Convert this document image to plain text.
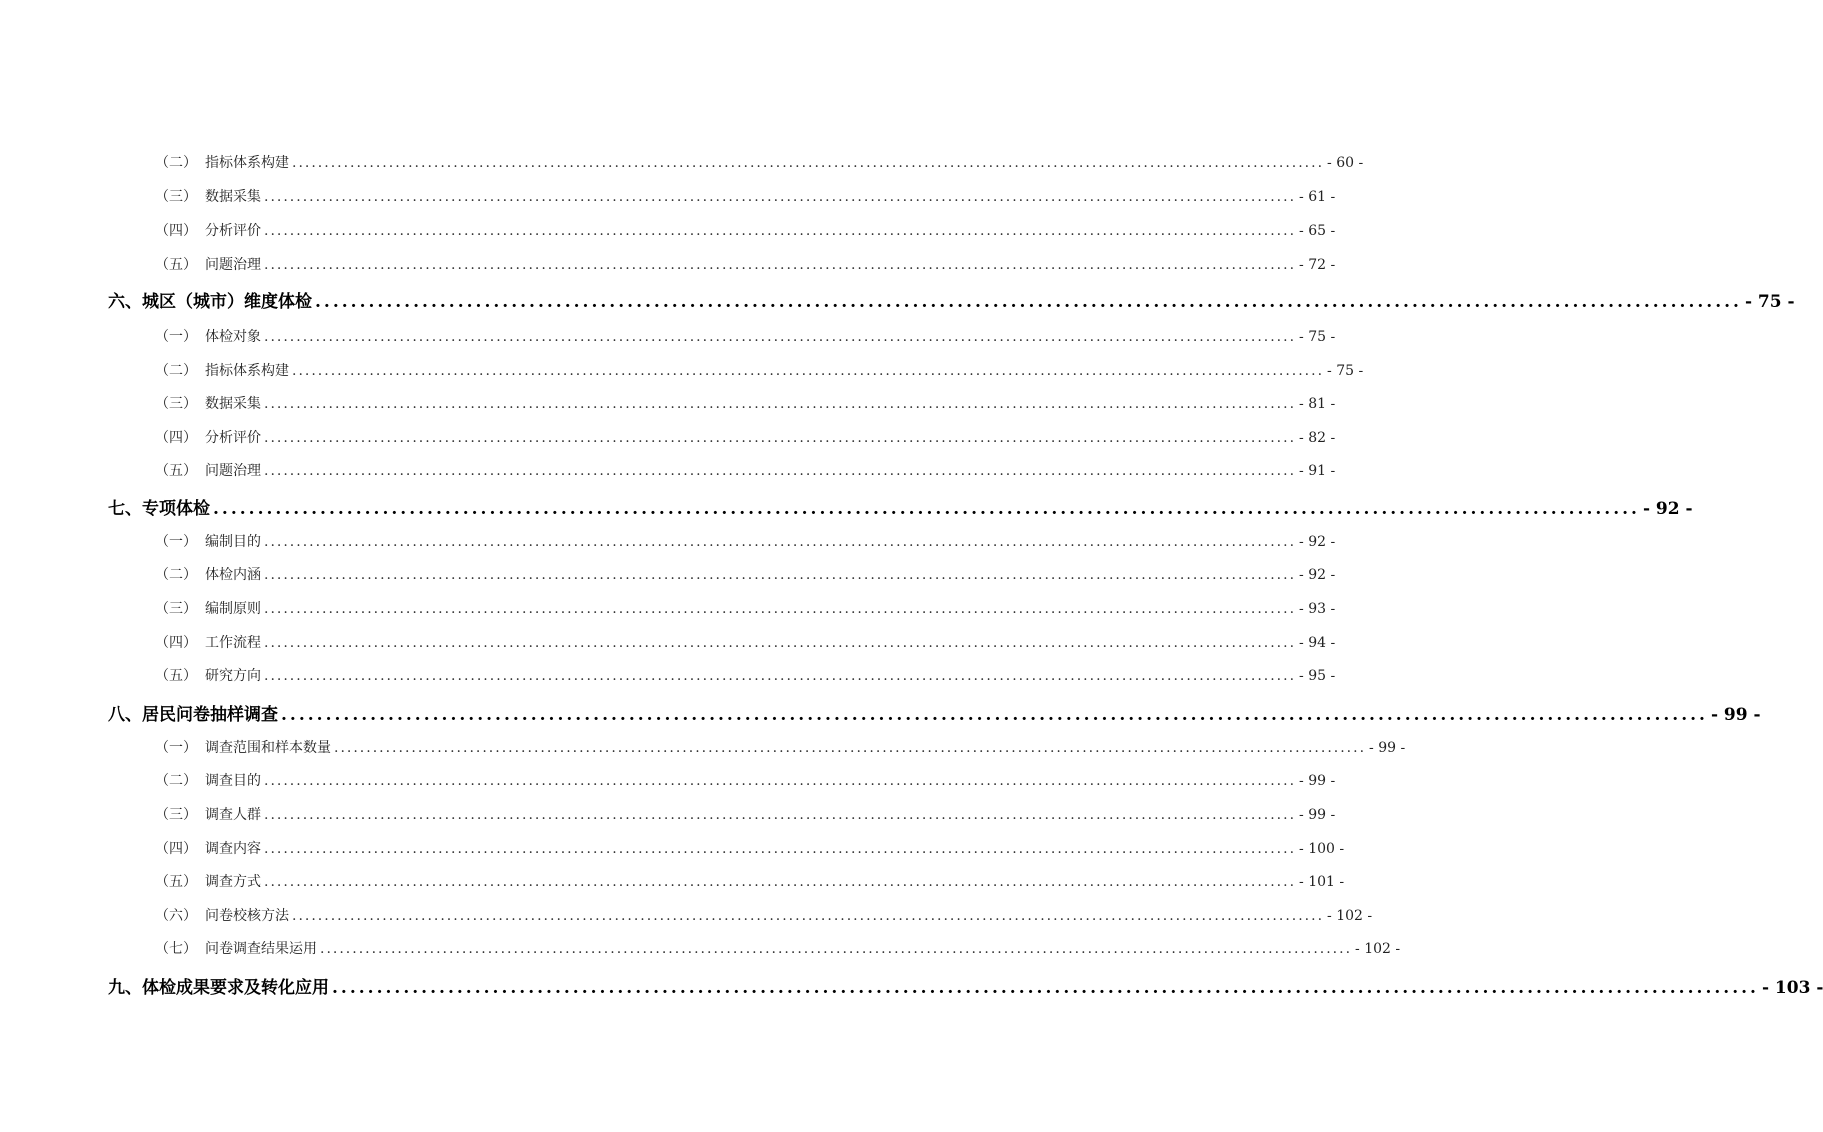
（二） 指标体系构建 ................................................................................................................................................................ - 60 -
（三） 数据采集 ................................................................................................................................................................ - 61 -
（四） 分析评价 ................................................................................................................................................................ - 65 -
（五） 问题治理 ................................................................................................................................................................ - 72 -
六、城区（城市）维度体检 ................................................................................................................................................................ - 75 -
（一） 体检对象 ................................................................................................................................................................ - 75 -
（二） 指标体系构建 ................................................................................................................................................................ - 75 -
（三） 数据采集 ................................................................................................................................................................ - 81 -
（四） 分析评价 ................................................................................................................................................................ - 82 -
（五） 问题治理 ................................................................................................................................................................ - 91 -
七、专项体检 ................................................................................................................................................................ - 92 -
（一） 编制目的 ................................................................................................................................................................ - 92 -
（二） 体检内涵 ................................................................................................................................................................ - 92 -
（三） 编制原则 ................................................................................................................................................................ - 93 -
（四） 工作流程 ................................................................................................................................................................ - 94 -
（五） 研究方向 ................................................................................................................................................................ - 95 -
八、居民问卷抽样调查 ................................................................................................................................................................ - 99 -
（一） 调查范围和样本数量 ................................................................................................................................................................ - 99 -
（二） 调查目的 ................................................................................................................................................................ - 99 -
（三） 调查人群 ................................................................................................................................................................ - 99 -
（四） 调查内容 ................................................................................................................................................................ - 100 -
（五） 调查方式 ................................................................................................................................................................ - 101 -
（六） 问卷校核方法 ................................................................................................................................................................ - 102 -
（七） 问卷调查结果运用 ................................................................................................................................................................ - 102 -
九、体检成果要求及转化应用 ................................................................................................................................................................ - 103 -
